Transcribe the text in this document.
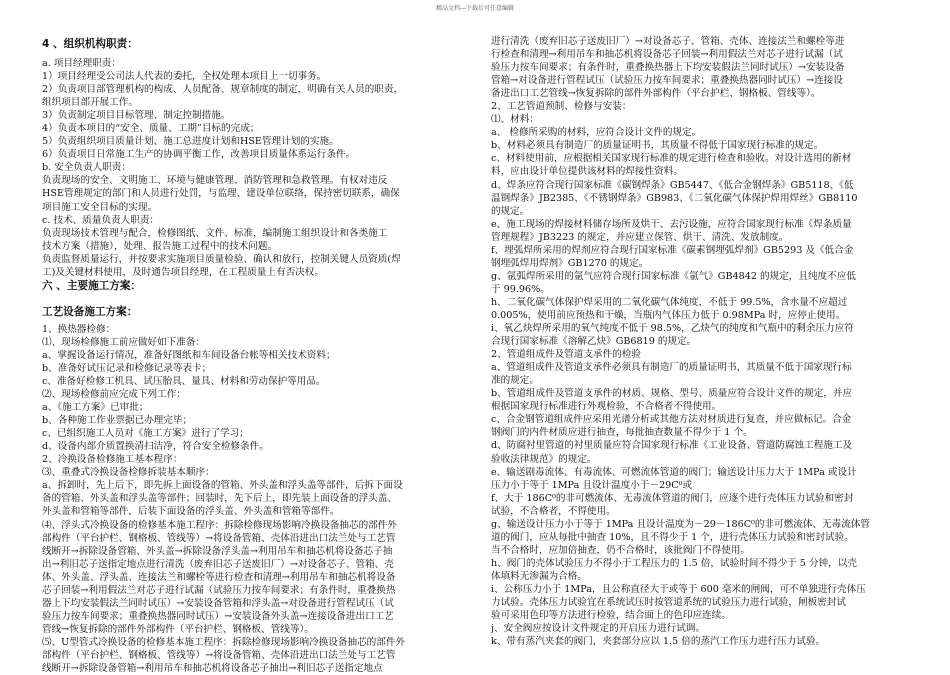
精品文档---下载后可任意编辑
4 、组织机构职责：
a. 项目经理职责：
1）项目经理受公司法人代表的委托，全权处理本项目上一切事务。
2）负责项目部管理机构的构成、人员配备、规章制度的制定，明确有关人员的职责，
组织项目部开展工作。
3）负责制定项目目标管理、制定控制措施。
4）负责本项目的“安全、质量、工期”目标的完成；
5）负责组织项目质量计划、施工总进度计划和HSE管理计划的实施。
6）负责项目日常施工生产的协调平衡工作，改善项目质量体系运行条件。
b. 安全负责人职责：
负责现场的安全、文明施工、环境与健康管理、消防管理和急救管理。有权对违反
HSE管理规定的部门和人员进行处罚，与监理、建设单位联络，保持密切联系，确保
项目施工安全目标的实现。
c. 技术、质量负责人职责：
负责现场技术管理与配合，检修图纸、文件、标准，编制施工组织设计和各类施工
技术方案（措施），处理、报告施工过程中的技术问题。
负责监督质量运行，并按要求实施项目质量检验、确认和放行，控制关键人员资质(焊
工)及关键材料使用，及时通告项目经理，在工程质量上有否决权。
六 、主要施工方案：
工艺设备施工方案：
1、换热器检修：
⑴、现场检修施工前应做好如下准备：
a、掌握设备运行情况，准备好图纸和车间设备台帐等相关技术资料；
b、准备好试压记录和检修记录等表卡；
c、准备好检修工机具、试压胎具、量具、材料和劳动保护等用品。
⑵、现场检修前应完成下列工作：
a、《施工方案》已审批；
b、各种施工作业票据已办理完毕；
c、已组织施工人员对《施工方案》进行了学习；
d、设备内部介质置换清扫洁净，符合安全检修条件。
2、冷换设备检修施工基本程序：
⑶、重叠式冷换设备检修拆装基本顺序：
a、拆卸时，先上后下，即先拆上面设备的管箱、外头盖和浮头盖等部件，后拆下面设
备的管箱、外头盖和浮头盖等部件；回装时，先下后上，即先装上面设备的浮头盖、
外头盖和管箱等部件，后装下面设备的浮头盖、外头盖和管箱等部件。
⑷、浮头式冷换设备的检修基本施工程序：拆除检修现场影响冷换设备抽芯的部件外
部构件（平台护栏、钢格板、管线等）→将设备管箱、壳体沿进出口法兰处与工艺管
线断开→拆除设备管箱、外头盖→拆除设备浮头盖→利用吊车和抽芯机将设备芯子抽
出→利旧芯子送指定地点进行清洗（废弃旧芯子送废旧厂）→对设备芯子、管箱、壳
体、外头盖、浮头盖、连接法兰和螺栓等进行检查和清理→利用吊车和抽芯机将设备
芯子回装→利用假法兰对芯子进行试漏（试验压力按车间要求；有条件时，重叠换热
器上下均安装假法兰同时试压）→安装设备管箱和浮头盖→对设备进行管程试压（试
验压力按车间要求；重叠换热器同时试压）→安装设备外头盖→连接设备进出口工艺
管线→恢复拆除的部件外部构件（平台护栏、钢格板、管线等）。
⑸、U型管式冷换设备的检修基本施工程序：拆除检修现场影响冷换设备抽芯的部件外
部构件（平台护栏、钢格板、管线等）→将设备管箱、壳体沿进出口法兰处与工艺管
线断开→拆除设备管箱→利用吊车和抽芯机将设备芯子抽出→利旧芯子送指定地点
进行清洗（废弃旧芯子送废旧厂）→对设备芯子、管箱、壳体、连接法兰和螺栓等进
行检查和清理→利用吊车和抽芯机将设备芯子回装→利用假法兰对芯子进行试漏（试
验压力按车间要求；有条件时，重叠换热器上下均安装假法兰同时试压）→安装设备
管箱→对设备进行管程试压（试验压力按车间要求；重叠换热器同时试压）→连接设
备进出口工艺管线→恢复拆除的部件外部构件（平台护栏、钢格板、管线等）。
2、工艺管道预制、检修与安装：
⑴、材料：
a、 检修所采购的材料，应符合设计文件的规定。
b、材料必须具有制造厂的质量证明书，其质量不得低于国家现行标准的规定。
c、材料使用前，应根据相关国家现行标准的规定进行检查和验收。对设计选用的新材
料，应由设计单位提供该材料的焊接性资料。
d、焊条应符合现行国家标准《碳钢焊条》GB5447、《低合金钢焊条》GB5118、《低
温钢焊条》JB2385、《不锈钢焊条》GB983、《二氧化碳气体保护焊用焊丝》GB8110
的规定。
e、施工现场的焊接材料储存场所及烘干、去污设施，应符合国家现行标准《焊条质量
管理规程》JB3223 的规定，并应建立保管、烘干、清洗、发放制度。
f、埋弧焊所采用的焊剂应符合现行国家标准《碳素钢埋弧焊剂》GB5293 及《低合金
钢埋弧焊用焊剂》GB1270 的规定。
g、氩弧焊所采用的氩气应符合现行国家标准《氩气》GB4842 的规定，且纯度不应低
于 99.96%。
h、二氧化碳气体保护焊采用的二氧化碳气体纯度，不低于 99.5%，含水量不应超过
0.005%，使用前应预热和干燥，当瓶内气体压力低于 0.98MPa 时，应停止使用。
i、氧乙炔焊所采用的氧气纯度不低于 98.5%，乙炔气的纯度和气瓶中的剩余压力应符
合现行国家标准《溶解乙炔》GB6819 的规定。
2、管道组成件及管道支承件的检验
a、管道组成件及管道支承件必须具有制造厂的质量证明书，其质量不低于国家现行标
准的规定。
b、管道组成件及管道支承件的材质、规格、型号、质量应符合设计文件的规定，并应
根据国家现行标准进行外观检验，不合格者不得使用。
c、合金钢管道组成件应采用光谱分析或其他方法对材质进行复查，并应做标记。合金
钢阀门的内件材质应进行抽查，每批抽查数量不得少于 1 个。
d、防腐衬里管道的衬里质量应符合国家现行标准《工业设备、管道防腐蚀工程施工及
验收法律规范》的规定。
e、输送剧毒流体、有毒流体、可燃流体管道的阀门；输送设计压力大于 1MPa 或设计
压力小于等于 1MPa 且设计温度小于－29C⁰或
f、大于 186C⁰的非可燃流体、无毒流体管道的阀门，应逐个进行壳体压力试验和密封
试验，不合格者，不得使用。
g、输送设计压力小于等于 1MPa 且设计温度为－29－186C⁰的非可燃流体、无毒流体管
道的阀门，应从每批中抽查 10%，且不得少于 1 个，进行壳体压力试验和密封试验。
当不合格时，应加倍抽查，仍不合格时，该批阀门不得使用。
h、阀门的壳体试验压力不得小于工程压力的 1.5 倍，试验时间不得少于 5 分钟，以壳
体填料无渗漏为合格。
i、公称压力小于 1MPa，且公称直径大于或等于 600 毫米的闸阀，可不单独进行壳体压
力试验。壳体压力试验宜在系统试压时按管道系统的试验压力进行试验，闸板密封试
验可采用色印等方法进行检验，结合面上的色印应连续。
j、安全阀应按设计文件规定的开启压力进行试调。
k、带有蒸汽夹套的阀门，夹套部分应以 1.5 倍的蒸汽工作压力进行压力试验。
